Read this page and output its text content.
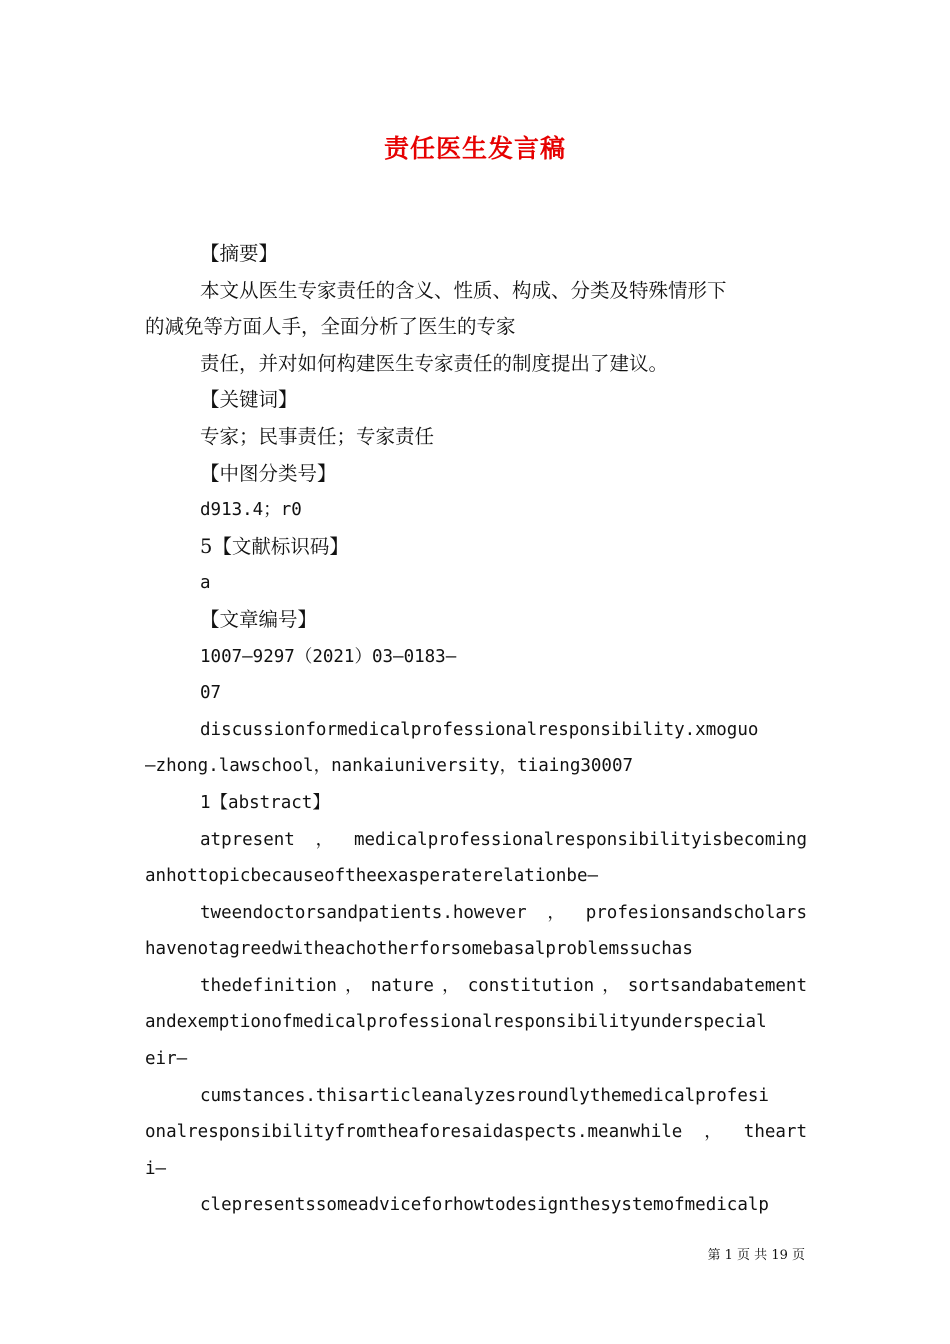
责任医生发言稿
【摘要】
本文从医生专家责任的含义、性质、构成、分类及特殊情形下
的减免等方面人手，全面分析了医生的专家
责任，并对如何构建医生专家责任的制度提出了建议。
【关键词】
专家；民事责任；专家责任
【中图分类号】
d913.4；r0
5【文献标识码】
a
【文章编号】
1007—9297（2021）03—0183—
07
discussionformedicalprofessionalresponsibility.xmoguo
—zhong.lawschool，nankaiuniversity，tiaing30007
1【abstract】
atpresent，medicalprofessionalresponsibilityisbecoming
anhottopicbecauseoftheexasperaterelationbe—
tweendoctorsandpatients.however，profesionsandscholars
havenotagreedwitheachotherforsomebasalproblemssuchas
thedefinition，nature，constitution，sortsandabatement
andexemptionofmedicalprofessionalresponsibilityunderspecial
eir—
cumstances.thisarticleanalyzesroundlythemedicalprofesi
onalresponsibilityfromtheaforesaidaspects.meanwhile，theart
i—
clepresentssomeadviceforhowtodesignthesystemofmedicalp
第 1 页 共 19 页
